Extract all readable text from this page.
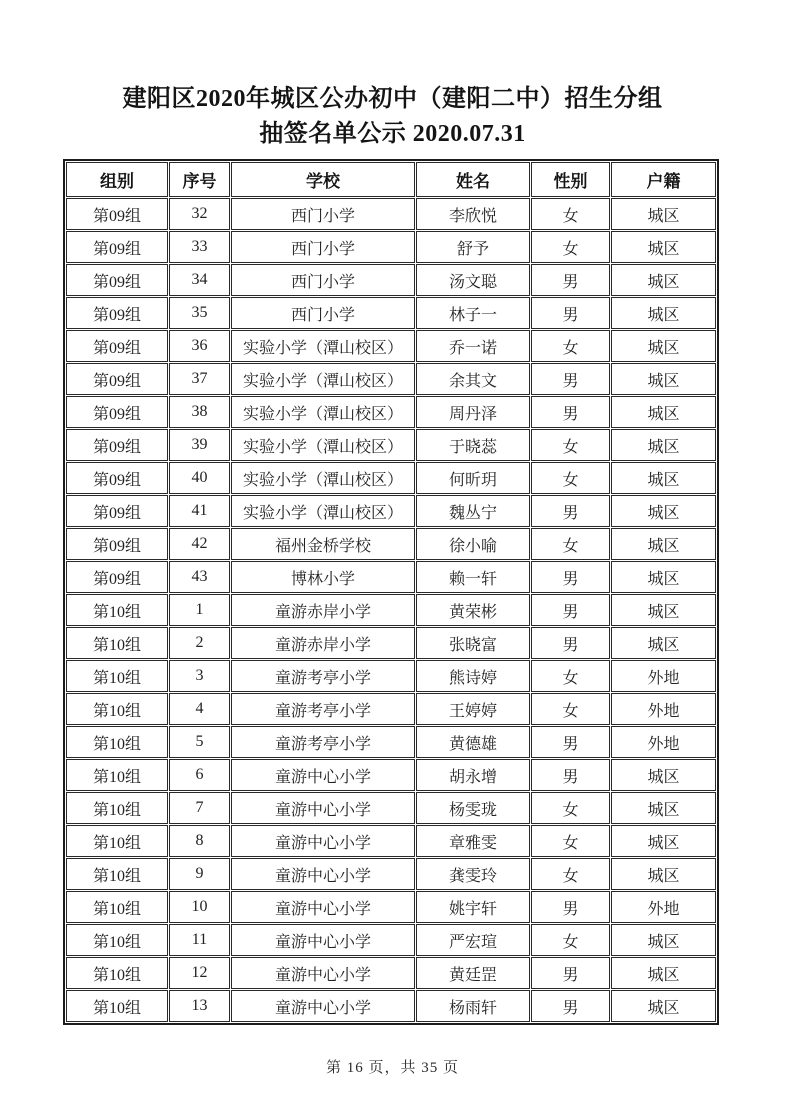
建阳区2020年城区公办初中（建阳二中）招生分组
抽签名单公示 2020.07.31
组别	序号	学校	姓名	性别	户籍
第09组	32	西门小学	李欣悦	女	城区
第09组	33	西门小学	舒予	女	城区
第09组	34	西门小学	汤文聪	男	城区
第09组	35	西门小学	林子一	男	城区
第09组	36	实验小学（潭山校区）	乔一诺	女	城区
第09组	37	实验小学（潭山校区）	余其文	男	城区
第09组	38	实验小学（潭山校区）	周丹泽	男	城区
第09组	39	实验小学（潭山校区）	于晓蕊	女	城区
第09组	40	实验小学（潭山校区）	何昕玥	女	城区
第09组	41	实验小学（潭山校区）	魏丛宁	男	城区
第09组	42	福州金桥学校	徐小喻	女	城区
第09组	43	博林小学	赖一轩	男	城区
第10组	1	童游赤岸小学	黄荣彬	男	城区
第10组	2	童游赤岸小学	张晓富	男	城区
第10组	3	童游考亭小学	熊诗婷	女	外地
第10组	4	童游考亭小学	王婷婷	女	外地
第10组	5	童游考亭小学	黄德雄	男	外地
第10组	6	童游中心小学	胡永增	男	城区
第10组	7	童游中心小学	杨雯珑	女	城区
第10组	8	童游中心小学	章雅雯	女	城区
第10组	9	童游中心小学	龚雯玲	女	城区
第10组	10	童游中心小学	姚宇轩	男	外地
第10组	11	童游中心小学	严宏瑄	女	城区
第10组	12	童游中心小学	黄廷罡	男	城区
第10组	13	童游中心小学	杨雨轩	男	城区
第 16 页，共 35 页
